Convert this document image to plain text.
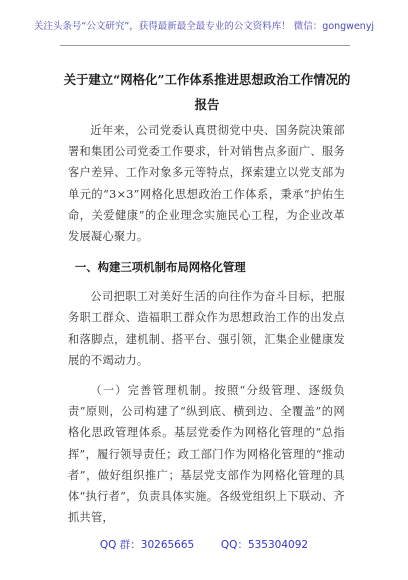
关注头条号“公文研究”，获得最新最全最专业的公文资料库！ 微信：gongwenyj
关于建立“网格化”工作体系推进思想政治工作情况的报告

近年来，公司党委认真贯彻党中央、国务院决策部署和集团公司党委工作要求，针对销售点多面广、服务客户差异、工作对象多元等特点，探索建立以党支部为单元的“3×3”网格化思想政治工作体系，秉承“护佑生命，关爱健康”的企业理念实施民心工程，为企业改革发展凝心聚力。

一、构建三项机制布局网格化管理

公司把职工对美好生活的向往作为奋斗目标，把服务职工群众、造福职工群众作为思想政治工作的出发点和落脚点，建机制、搭平台、强引领，汇集企业健康发展的不竭动力。

（一）完善管理机制。按照“分级管理、逐级负责”原则，公司构建了“纵到底、横到边、全覆盖”的网格化思政管理体系。基层党委作为网格化管理的“总指挥”，履行领导责任；政工部门作为网格化管理的“推动者”，做好组织推广；基层党支部作为网格化管理的具体“执行者”，负责具体实施。各级党组织上下联动、齐抓共管，

QQ 群：30265665        QQ：535304092
